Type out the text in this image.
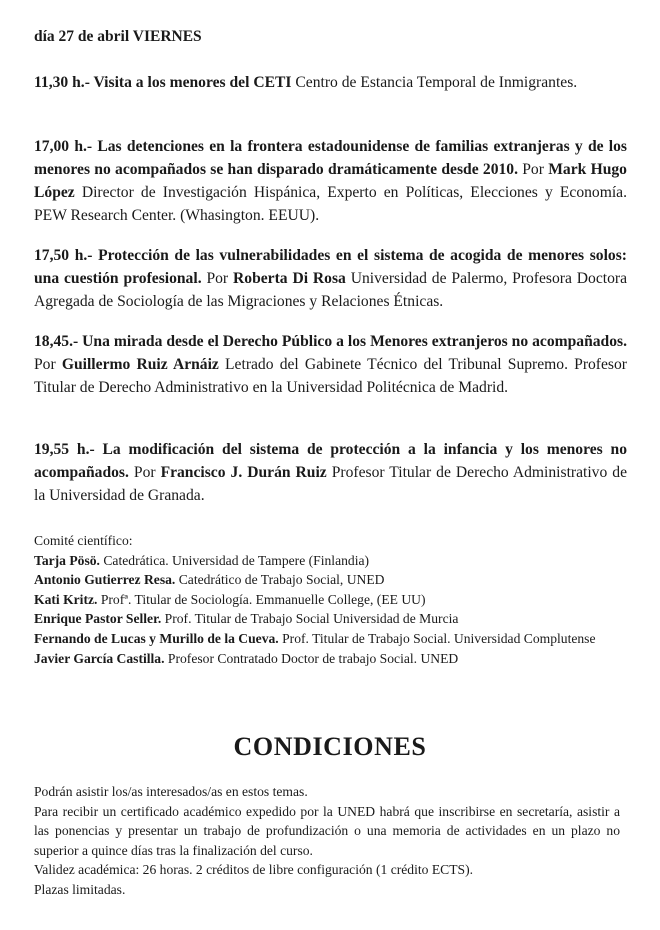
día 27 de abril VIERNES

11,30 h.- Visita a los menores del CETI Centro de Estancia Temporal de Inmigrantes.

17,00 h.- Las detenciones en la frontera estadounidense de familias extranjeras y de los menores no acompañados se han disparado dramáticamente desde 2010. Por Mark Hugo López Director de Investigación Hispánica, Experto en Políticas, Elecciones y Economía. PEW Research Center. (Whasington. EEUU).

17,50 h.- Protección de las vulnerabilidades en el sistema de acogida de menores solos: una cuestión profesional. Por Roberta Di Rosa Universidad de Palermo, Profesora Doctora Agregada de Sociología de las Migraciones y Relaciones Étnicas.

18,45.- Una mirada desde el Derecho Público a los Menores extranjeros no acompañados. Por Guillermo Ruiz Arnáiz Letrado del Gabinete Técnico del Tribunal Supremo. Profesor Titular de Derecho Administrativo en la Universidad Politécnica de Madrid.

19,55 h.- La modificación del sistema de protección a la infancia y los menores no acompañados. Por Francisco J. Durán Ruiz Profesor Titular de Derecho Administrativo de la Universidad de Granada.

Comité científico:

Tarja Pösö. Catedrática. Universidad de Tampere (Finlandia)

Antonio Gutierrez Resa. Catedrático de Trabajo Social, UNED

Kati Kritz. Profª. Titular de Sociología. Emmanuelle College, (EE UU)

Enrique Pastor Seller. Prof. Titular de Trabajo Social Universidad de Murcia

Fernando de Lucas y Murillo de la Cueva. Prof. Titular de Trabajo Social. Universidad Complutense

Javier García Castilla. Profesor Contratado Doctor de trabajo Social. UNED

CONDICIONES

Podrán asistir los/as interesados/as en estos temas.

Para recibir un certificado académico expedido por la UNED habrá que inscribirse en secretaría, asistir a las ponencias y presentar un trabajo de profundización o una memoria de actividades en un plazo no superior a quince días tras la finalización del curso.

Validez académica: 26 horas. 2 créditos de libre configuración (1 crédito ECTS).

Plazas limitadas.
